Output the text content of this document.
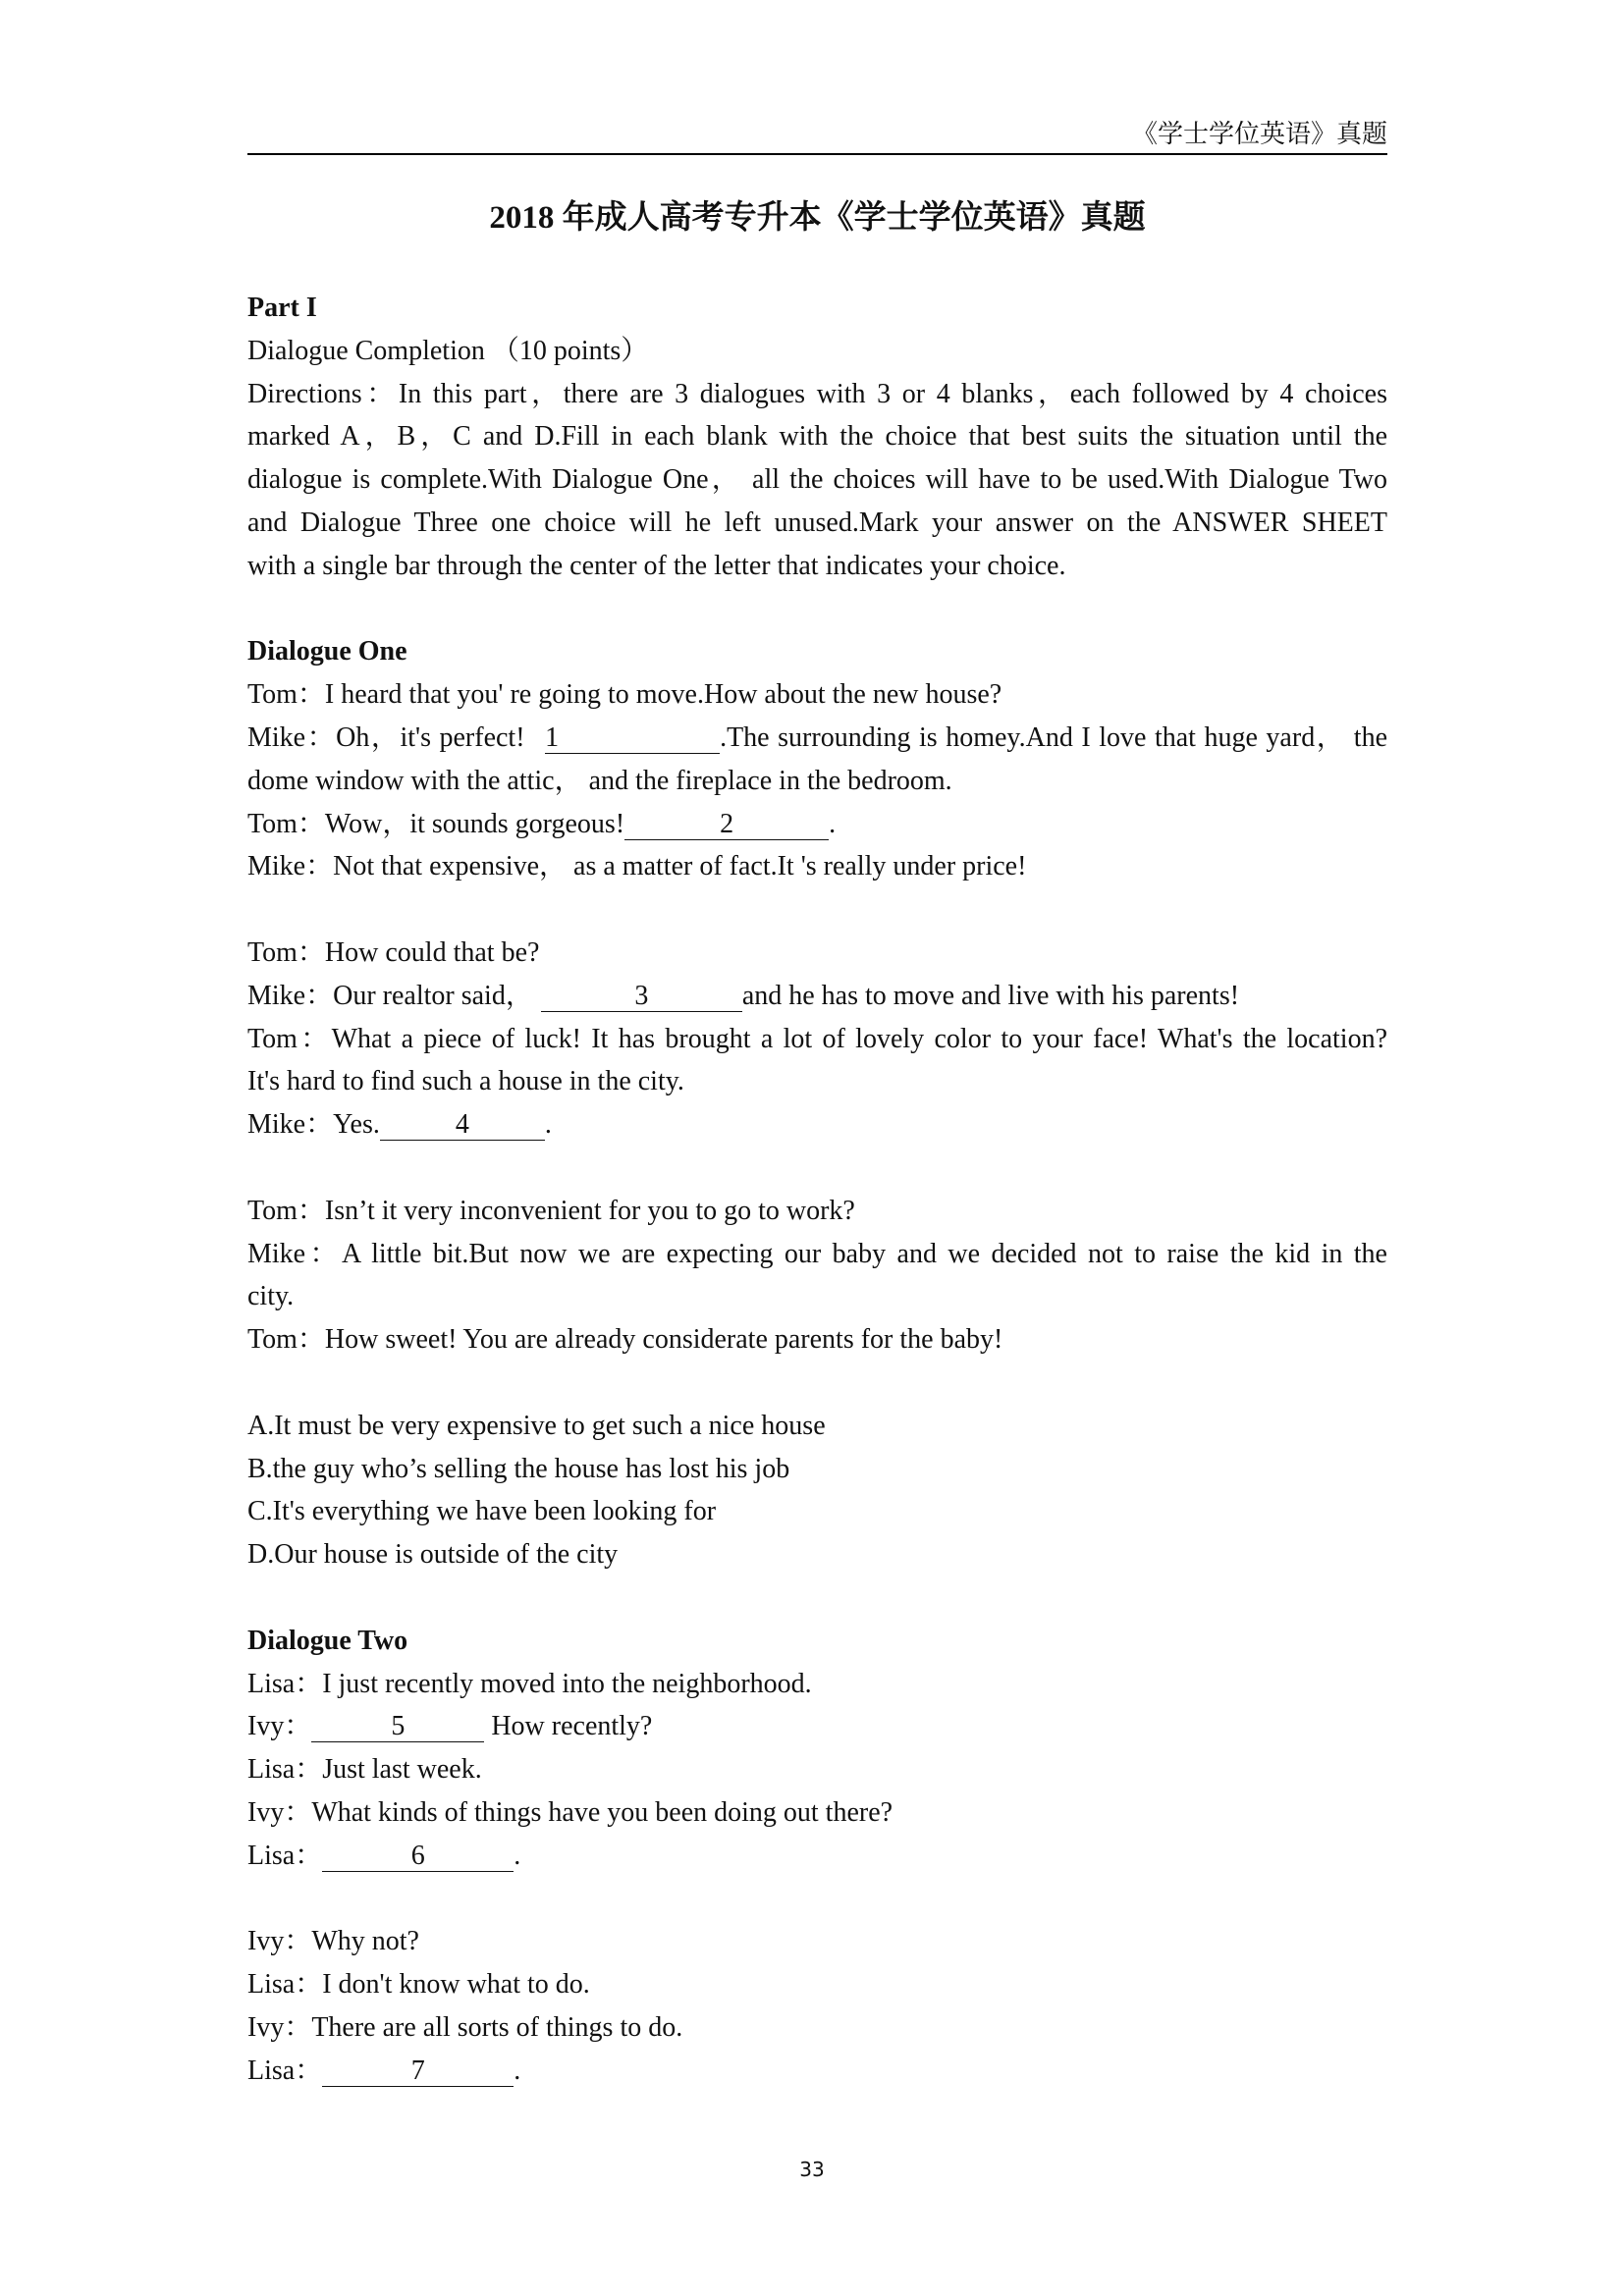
《学士学位英语》真题
2018 年成人高考专升本《学士学位英语》真题
Part I
Dialogue Completion （10 points）
Directions：In this part，there are 3 dialogues with 3 or 4 blanks，each followed by 4 choices
marked A，B，C and D.Fill in each blank with the choice that best suits the situation until the
dialogue is complete.With Dialogue One， all the choices will have to be used.With Dialogue Two
and Dialogue Three one choice will he left unused.Mark your answer on the ANSWER SHEET
with a single bar through the center of the letter that indicates your choice.
Dialogue One
Tom：I heard that you' re going to move.How about the new house?
Mike：Oh，it's perfect! 1	.The surrounding is homey.And I love that huge yard， the
dome window with the attic， and the fireplace in the bedroom.
Tom：Wow，it sounds gorgeous!	2	.
Mike：Not that expensive， as a matter of fact.It 's really under price!
Tom：How could that be?
Mike：Our realtor said，	3	and he has to move and live with his parents!
Tom：What a piece of luck! It has brought a lot of lovely color to your face! What's the location?
It's hard to find such a house in the city.
Mike：Yes.	4	.
Tom：Isn’t it very inconvenient for you to go to work?
Mike：A little bit.But now we are expecting our baby and we decided not to raise the kid in the
city.
Tom：How sweet! You are already considerate parents for the baby!
A.It must be very expensive to get such a nice house
B.the guy who’s selling the house has lost his job
C.It's everything we have been looking for
D.Our house is outside of the city
Dialogue Two
Lisa：I just recently moved into the neighborhood.
Ivy：	5	How recently?
Lisa：Just last week.
Ivy：What kinds of things have you been doing out there?
Lisa：	6	.
Ivy：Why not?
Lisa：I don't know what to do.
Ivy：There are all sorts of things to do.
Lisa：	7	.
33
